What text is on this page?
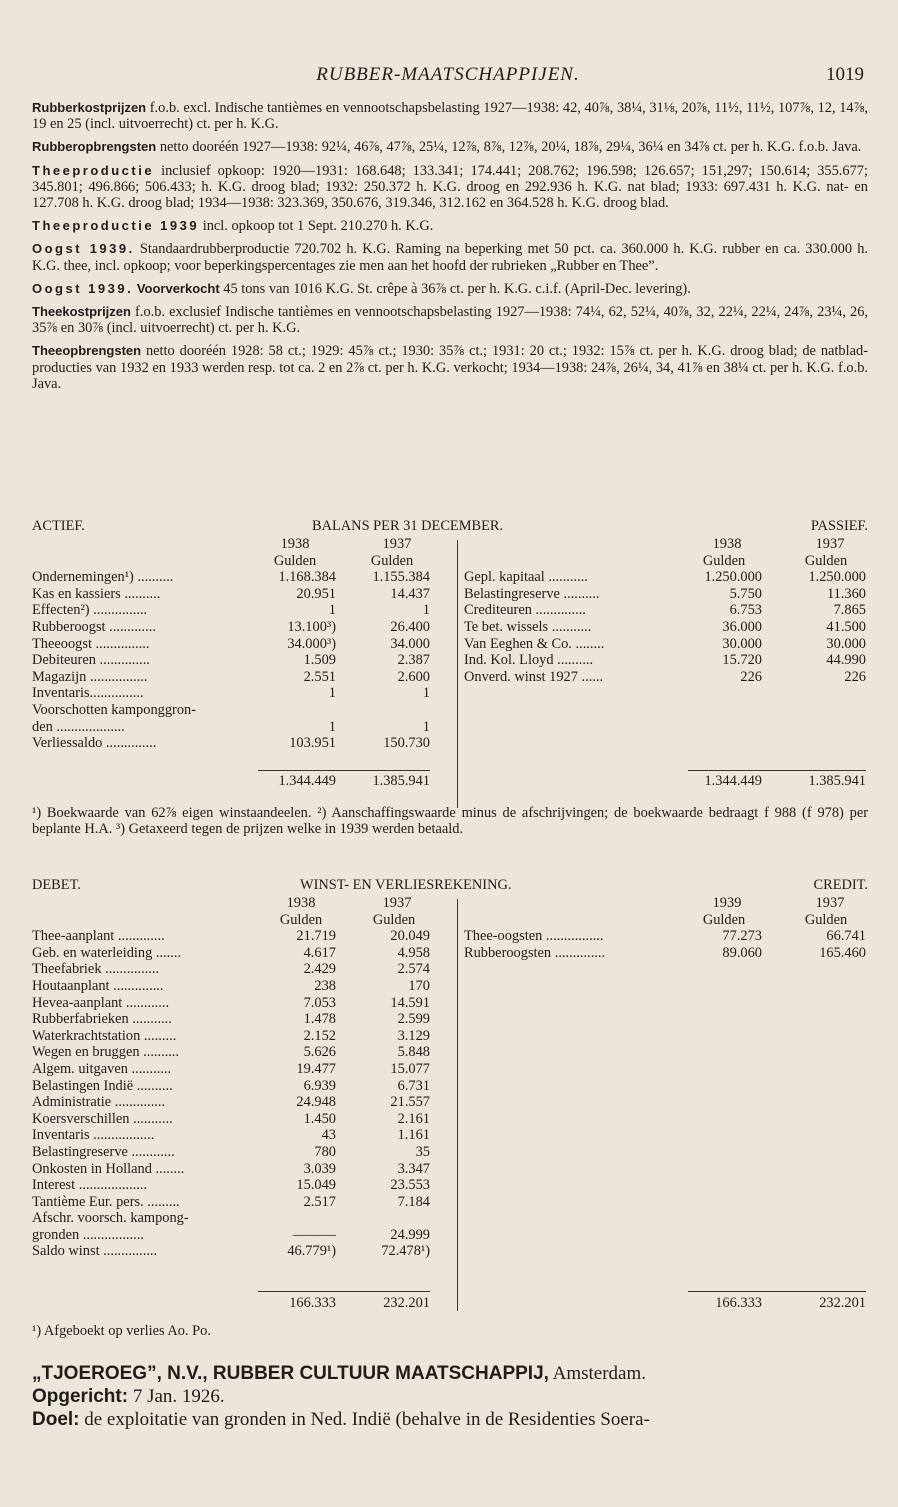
RUBBER-MAATSCHAPPIJEN.	1019

Rubberkostprijzen f.o.b. excl. Indische tantièmes en vennootschapsbelasting 1927—1938: 42, 40⅞, 38¼, 31⅛, 20⅞, 11½, 11½, 107⅞, 12, 14⅞, 19 en 25 (incl. uitvoerrecht) ct. per h. K.G.

Rubberopbrengsten netto dooréén 1927—1938: 92¼, 46⅞, 47⅞, 25¼, 12⅞, 8⅞, 12⅞, 20¼, 18⅞, 29¼, 36¼ en 34⅞ ct. per h. K.G. f.o.b. Java.

Theeproductie inclusief opkoop: 1920—1931: 168.648; 133.341; 174.441; 208.762; 196.598; 126.657; 151,297; 150.614; 355.677; 345.801; 496.866; 506.433; h. K.G. droog blad; 1932: 250.372 h. K.G. droog en 292.936 h. K.G. nat blad; 1933: 697.431 h. K.G. nat- en 127.708 h. K.G. droog blad; 1934—1938: 323.369, 350.676, 319.346, 312.162 en 364.528 h. K.G. droog blad.

Theeproductie 1939 incl. opkoop tot 1 Sept. 210.270 h. K.G.

Oogst 1939. Standaardrubberproductie 720.702 h. K.G. Raming na beperking met 50 pct. ca. 360.000 h. K.G. rubber en ca. 330.000 h. K.G. thee, incl. opkoop; voor beperkingspercentages zie men aan het hoofd der rubrieken „Rubber en Thee”.

Oogst 1939. Voorverkocht 45 tons van 1016 K.G. St. crêpe à 36⅞ ct. per h. K.G. c.i.f. (April-Dec. levering).

Theekostprijzen f.o.b. exclusief Indische tantièmes en vennootschapsbelasting 1927—1938: 74¼, 62, 52¼, 40⅞, 32, 22¼, 22¼, 24⅞, 23¼, 26, 35⅞ en 30⅞ (incl. uitvoerrecht) ct. per h. K.G.

Theeopbrengsten netto dooréén 1928: 58 ct.; 1929: 45⅞ ct.; 1930: 35⅞ ct.; 1931: 20 ct.; 1932: 15⅞ ct. per h. K.G. droog blad; de natblad-producties van 1932 en 1933 werden resp. tot ca. 2 en 2⅞ ct. per h. K.G. verkocht; 1934—1938: 24⅞, 26¼, 34, 41⅞ en 38¼ ct. per h. K.G. f.o.b. Java.

ACTIEF.	BALANS PER 31 DECEMBER.	PASSIEF.
1938	1937
Gulden	Gulden
Ondernemingen¹) ..........	1.168.384	1.155.384
Kas en kassiers ..........	20.951	14.437
Effecten²) ...............	1	1
Rubberoogst .............	13.100³)	26.400
Theeoogst ...............	34.000³)	34.000
Debiteuren ..............	1.509	2.387
Magazijn ................	2.551	2.600
Inventaris...............	1	1
Voorschotten kamponggron-
den ...................	1	1
Verliessaldo ..............	103.951	150.730
1938	1937
Gulden	Gulden
Gepl. kapitaal ...........	1.250.000	1.250.000
Belastingreserve ..........	5.750	11.360
Crediteuren ..............	6.753	7.865
Te bet. wissels ...........	36.000	41.500
Van Eeghen & Co. ........	30.000	30.000
Ind. Kol. Lloyd ..........	15.720	44.990
Onverd. winst 1927 ......	226	226
1.344.449	1.385.941	1.344.449	1.385.941
¹) Boekwaarde van 62⅞ eigen winstaandeelen. ²) Aanschaffingswaarde minus de afschrijvingen; de boekwaarde bedraagt f 988 (f 978) per beplante H.A. ³) Getaxeerd tegen de prijzen welke in 1939 werden betaald.
DEBET.	WINST- EN VERLIESREKENING.	CREDIT.
1938	1937
Gulden	Gulden
Thee-aanplant .............	21.719	20.049
Geb. en waterleiding .......	4.617	4.958
Theefabriek ...............	2.429	2.574
Houtaanplant ..............	238	170
Hevea-aanplant ............	7.053	14.591
Rubberfabrieken ...........	1.478	2.599
Waterkrachtstation .........	2.152	3.129
Wegen en bruggen ..........	5.626	5.848
Algem. uitgaven ...........	19.477	15.077
Belastingen Indië ..........	6.939	6.731
Administratie ..............	24.948	21.557
Koersverschillen ...........	1.450	2.161
Inventaris .................	43	1.161
Belastingreserve ............	780	35
Onkosten in Holland ........	3.039	3.347
Interest ...................	15.049	23.553
Tantième Eur. pers. .........	2.517	7.184
Afschr. voorsch. kampong-
gronden .................	———	24.999
Saldo winst ...............	46.779¹)	72.478¹)
1939	1937
Gulden	Gulden
Thee-oogsten ................	77.273	66.741
Rubberoogsten ..............	89.060	165.460
166.333	232.201	166.333	232.201
¹) Afgeboekt op verlies Ao. Po.
„TJOEROEG”, N.V., RUBBER CULTUUR MAATSCHAPPIJ, Amsterdam.
Opgericht: 7 Jan. 1926.
Doel: de exploitatie van gronden in Ned. Indië (behalve in de Residenties Soera-
